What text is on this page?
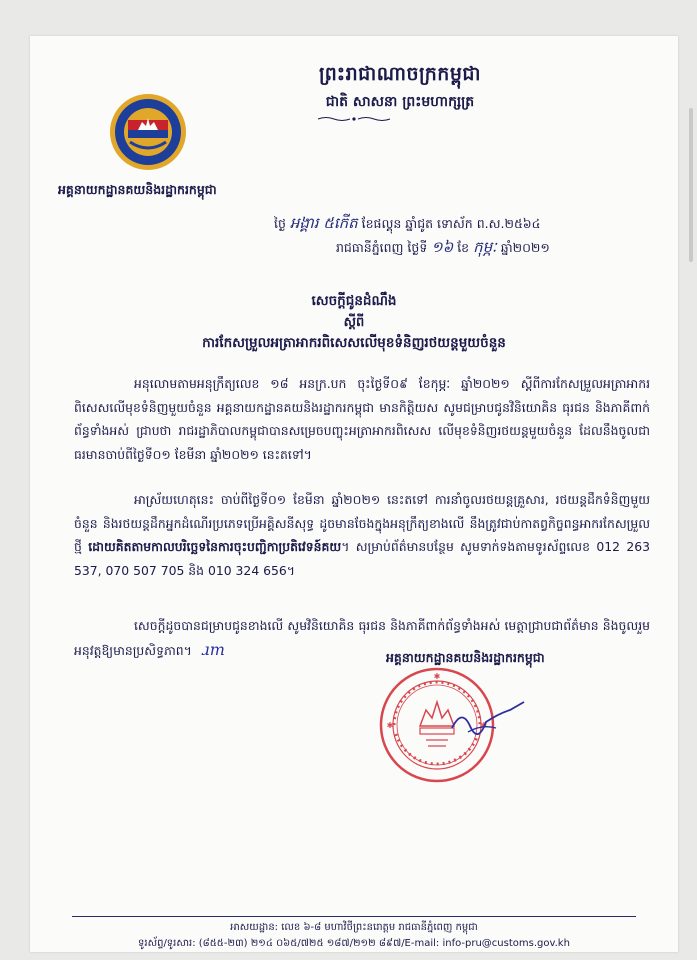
ព្រះរាជាណាចក្រកម្ពុជា
ជាតិ សាសនា ព្រះមហាក្សត្រ
អគ្គនាយកដ្ឋានគយនិងរដ្ឋាករកម្ពុជា
ថ្ងៃ អង្គារ ៥កើត ខែផល្គុន ឆ្នាំជូត ទោស័ក ព.ស.២៥៦៤
រាជធានីភ្នំពេញ ថ្ងៃទី ១៦ ខែ កុម្ភៈ ឆ្នាំ២០២១
សេចក្ដីជូនដំណឹង
ស្ដីពី
ការកែសម្រួលអត្រាអាករពិសេសលើមុខទំនិញរថយន្តមួយចំនួន
អនុលោមតាមអនុក្រឹត្យលេខ ១៨ អនក្រ.បក ចុះថ្ងៃទី០៩ ខែកុម្ភៈ ឆ្នាំ២០២១ ស្ដីពីការកែសម្រួលអត្រាអាករពិសេសលើមុខទំនិញមួយចំនួន អគ្គនាយកដ្ឋានគយនិងរដ្ឋាករកម្ពុជា មានកិត្តិយស សូមជម្រាបជូនវិនិយោគិន ធុរជន និងភាគីពាក់ព័ន្ធទាំងអស់ ជ្រាបថា រាជរដ្ឋាភិបាលកម្ពុជាបានសម្រេចបញ្ចុះអត្រាអាករពិសេស លើមុខទំនិញរថយន្តមួយចំនួន ដែលនឹងចូលជាធរមានចាប់ពីថ្ងៃទី០១ ខែមីនា ឆ្នាំ២០២១ នេះតទៅ។
អាស្រ័យហេតុនេះ ចាប់ពីថ្ងៃទី០១ ខែមីនា ឆ្នាំ២០២១ នេះតទៅ ការនាំចូលរថយន្តគ្រួសារ, រថយន្តដឹកទំនិញមួយចំនួន និងរថយន្តដឹកអ្នកដំណើរប្រភេទប្រើអគ្គិសនីសុទ្ធ ដូចមានចែងក្នុងអនុក្រឹត្យខាងលើ នឹងត្រូវជាប់កាតព្វកិច្ចពន្ធអាករកែសម្រួលថ្មី ដោយគិតតាមកាលបរិច្ឆេទនៃការចុះបញ្ជិកាប្រតិវេទន៍គយ។ សម្រាប់ព័ត៌មានបន្ថែម សូមទាក់ទងតាមទូរស័ព្ទលេខ 012 263 537, 070 507 705 និង 010 324 656។
សេចក្ដីដូចបានជម្រាបជូនខាងលើ សូមវិនិយោគិន ធុរជន និងភាគីពាក់ព័ន្ធទាំងអស់ មេត្តាជ្រាបជាព័ត៌មាន និងចូលរួមអនុវត្តឱ្យមានប្រសិទ្ធភាព។ ɹm	អគ្គនាយកដ្ឋានគយនិងរដ្ឋាករកម្ពុជា
✱
✱	✱
អាសយដ្ឋាន: លេខ ៦-៨ មហាវិថីព្រះនរោត្តម រាជធានីភ្នំពេញ កម្ពុជា
ទូរស័ព្ទ/ទូរសារ: (៨៥៥-២៣) ២១៤ ០៦៥/៧២៥ ១៨៧/២១២ ៨៩៧/E-mail: info-pru@customs.gov.kh
